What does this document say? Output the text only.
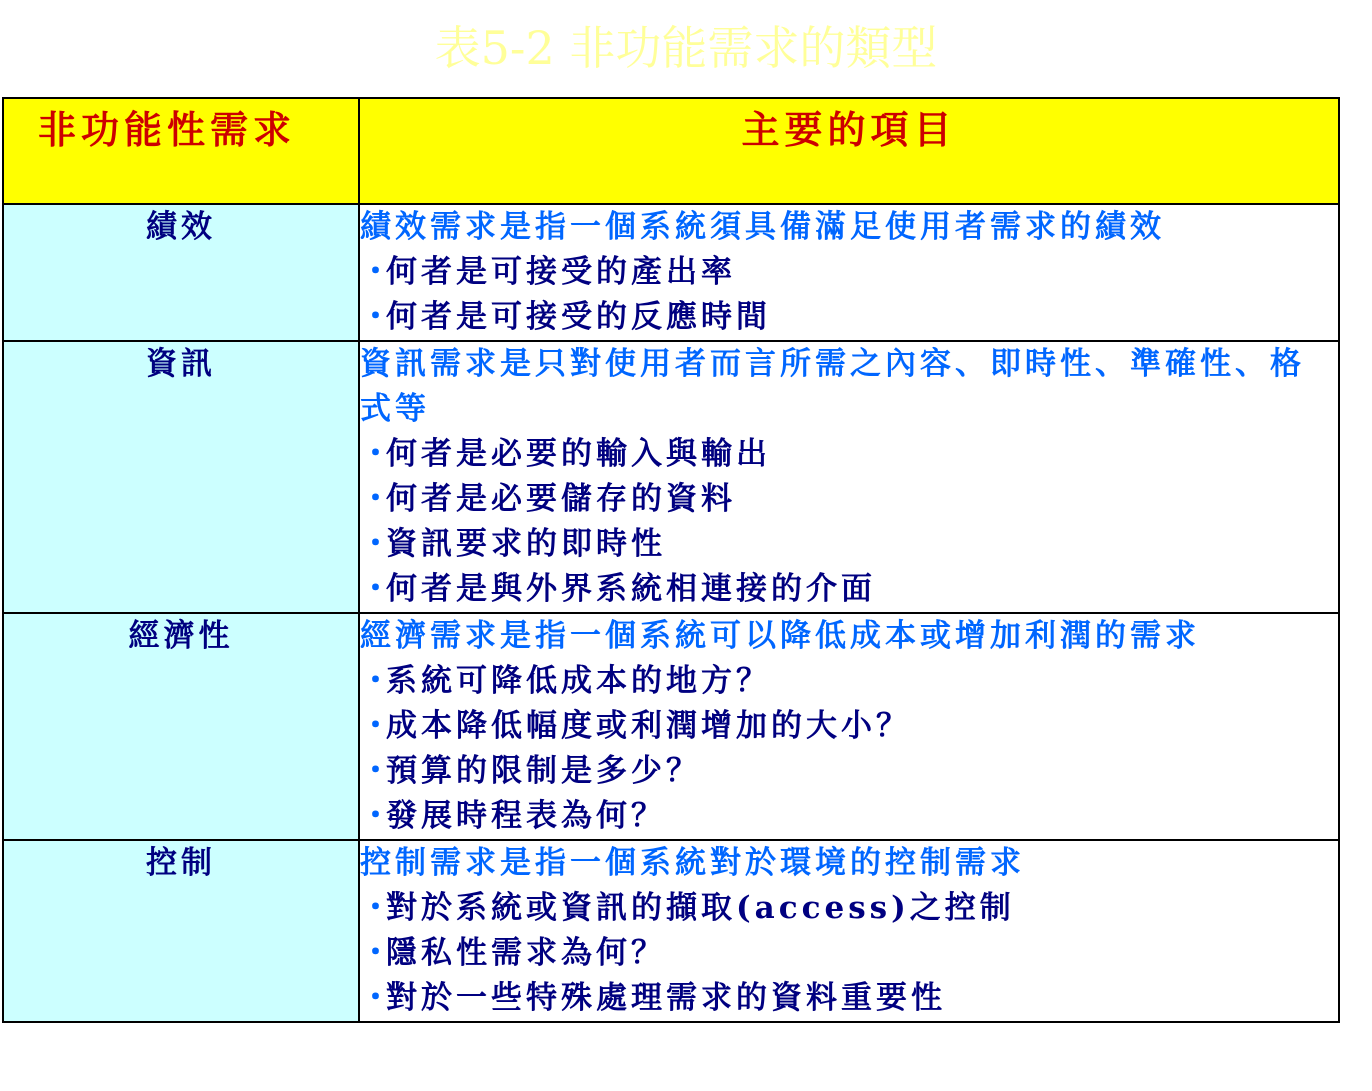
表5-2 非功能需求的類型
非功能性需求	主要的項目
績效	績效需求是指一個系統須具備滿足使用者需求的績效
・何者是可接受的產出率
・何者是可接受的反應時間

資訊	資訊需求是只對使用者而言所需之內容、即時性、準確性、格式等
・何者是必要的輸入與輸出
・何者是必要儲存的資料
・資訊要求的即時性
・何者是與外界系統相連接的介面

經濟性	經濟需求是指一個系統可以降低成本或增加利潤的需求
・系統可降低成本的地方？
・成本降低幅度或利潤增加的大小？
・預算的限制是多少？
・發展時程表為何？

控制	控制需求是指一個系統對於環境的控制需求
・對於系統或資訊的擷取(access)之控制
・隱私性需求為何？
・對於一些特殊處理需求的資料重要性
